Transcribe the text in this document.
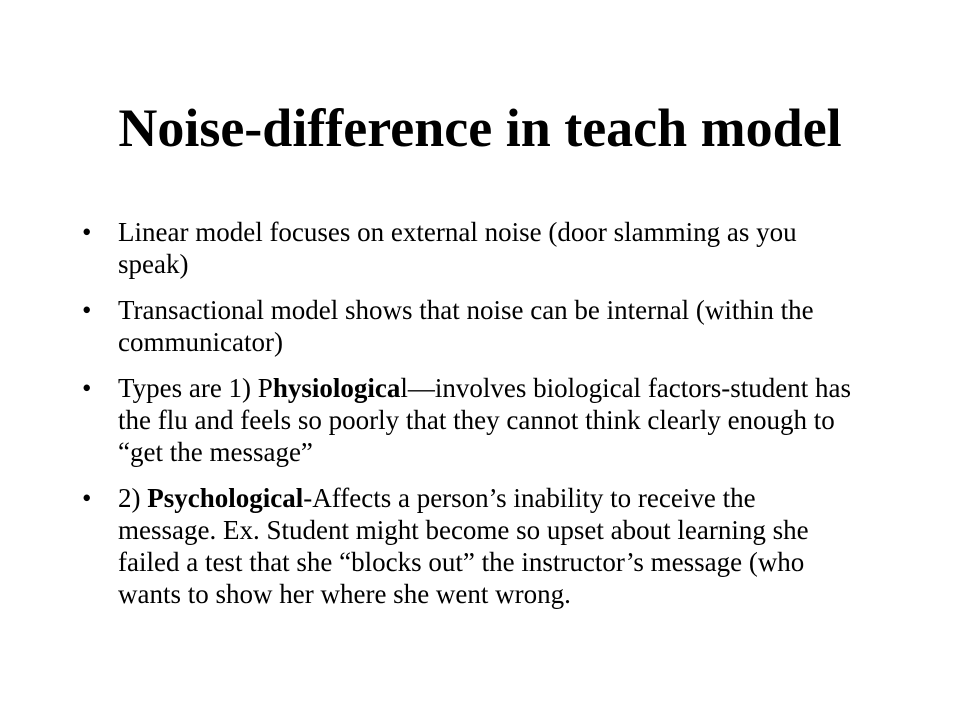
Noise-difference in teach model
• Linear model focuses on external noise (door slamming as you speak)
• Transactional model shows that noise can be internal (within the communicator)
• Types are 1) Physiological—involves biological factors-student has the flu and feels so poorly that they cannot think clearly enough to “get the message”
• 2) Psychological-Affects a person’s inability to receive the message. Ex. Student might become so upset about learning she failed a test that she “blocks out” the instructor’s message (who wants to show her where she went wrong.
